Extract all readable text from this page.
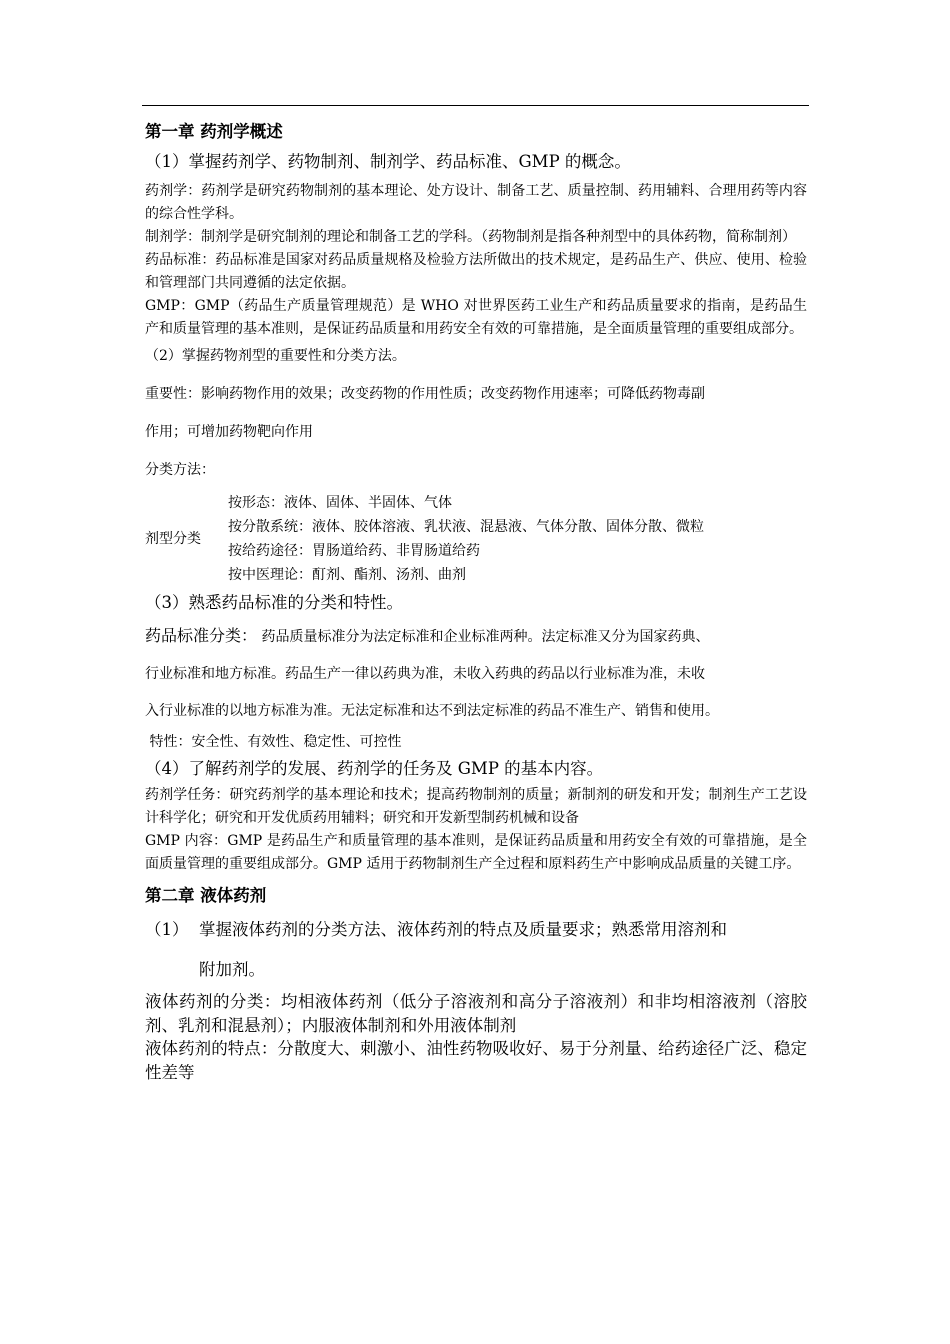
第一章 药剂学概述

（1）掌握药剂学、药物制剂、制剂学、药品标准、GMP 的概念。

药剂学：药剂学是研究药物制剂的基本理论、处方设计、制备工艺、质量控制、药用辅料、合理用药等内容的综合性学科。

制剂学：制剂学是研究制剂的理论和制备工艺的学科。（药物制剂是指各种剂型中的具体药物，简称制剂）

药品标准：药品标准是国家对药品质量规格及检验方法所做出的技术规定，是药品生产、供应、使用、检验和管理部门共同遵循的法定依据。

GMP：GMP（药品生产质量管理规范）是 WHO 对世界医药工业生产和药品质量要求的指南，是药品生产和质量管理的基本准则，是保证药品质量和用药安全有效的可靠措施，是全面质量管理的重要组成部分。

（2）掌握药物剂型的重要性和分类方法。

重要性：影响药物作用的效果；改变药物的作用性质；改变药物作用速率；可降低药物毒副

作用；可增加药物靶向作用

分类方法：

剂型分类
按形态：液体、固体、半固体、气体
按分散系统：液体、胶体溶液、乳状液、混悬液、气体分散、固体分散、微粒
按给药途径：胃肠道给药、非胃肠道给药
按中医理论：酊剂、酯剂、汤剂、曲剂

（3）熟悉药品标准的分类和特性。

药品标准分类： 药品质量标准分为法定标准和企业标准两种。法定标准又分为国家药典、

行业标准和地方标准。药品生产一律以药典为准，未收入药典的药品以行业标准为准，未收

入行业标准的以地方标准为准。无法定标准和达不到法定标准的药品不准生产、销售和使用。

特性：安全性、有效性、稳定性、可控性

（4）了解药剂学的发展、药剂学的任务及 GMP 的基本内容。

药剂学任务：研究药剂学的基本理论和技术；提高药物制剂的质量；新制剂的研发和开发；制剂生产工艺设计科学化；研究和开发优质药用辅料；研究和开发新型制药机械和设备

GMP 内容：GMP 是药品生产和质量管理的基本准则，是保证药品质量和用药安全有效的可靠措施，是全面质量管理的重要组成部分。GMP 适用于药物制剂生产全过程和原料药生产中影响成品质量的关键工序。

第二章 液体药剂

（1） 掌握液体药剂的分类方法、液体药剂的特点及质量要求；熟悉常用溶剂和
附加剂。

液体药剂的分类：均相液体药剂（低分子溶液剂和高分子溶液剂）和非均相溶液剂（溶胶剂、乳剂和混悬剂）；内服液体制剂和外用液体制剂

液体药剂的特点：分散度大、刺激小、油性药物吸收好、易于分剂量、给药途径广泛、稳定性差等
